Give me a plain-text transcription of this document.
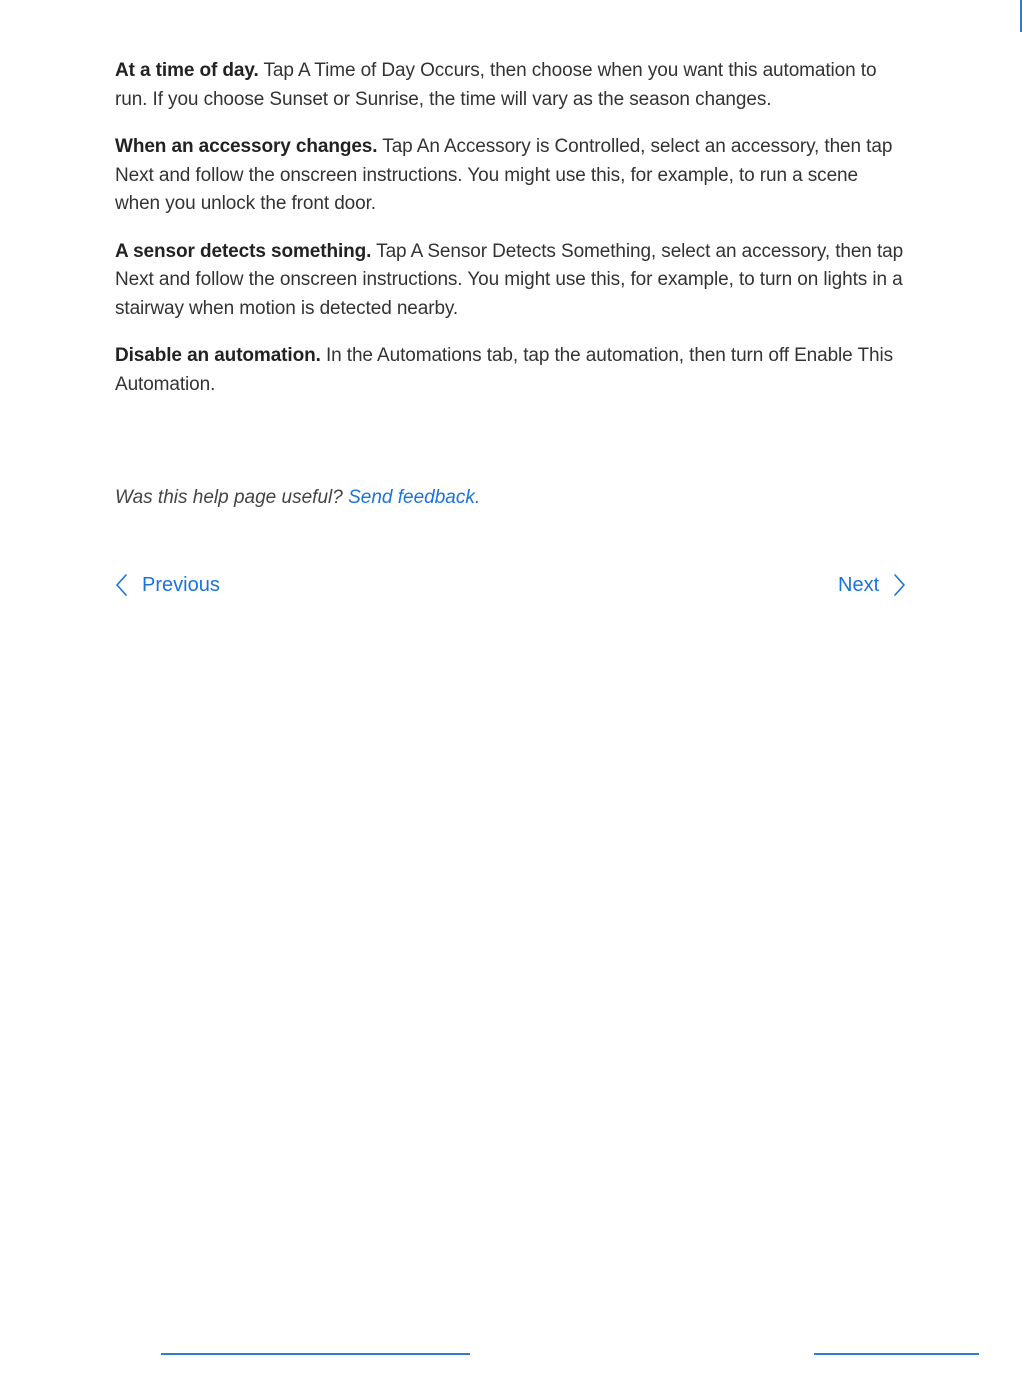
At a time of day. Tap A Time of Day Occurs, then choose when you want this automation to run. If you choose Sunset or Sunrise, the time will vary as the season changes.

When an accessory changes. Tap An Accessory is Controlled, select an accessory, then tap Next and follow the onscreen instructions. You might use this, for example, to run a scene when you unlock the front door.

A sensor detects something. Tap A Sensor Detects Something, select an accessory, then tap Next and follow the onscreen instructions. You might use this, for example, to turn on lights in a stairway when motion is detected nearby.

Disable an automation. In the Automations tab, tap the automation, then turn off Enable This Automation.

Was this help page useful? Send feedback.
Previous	Next
